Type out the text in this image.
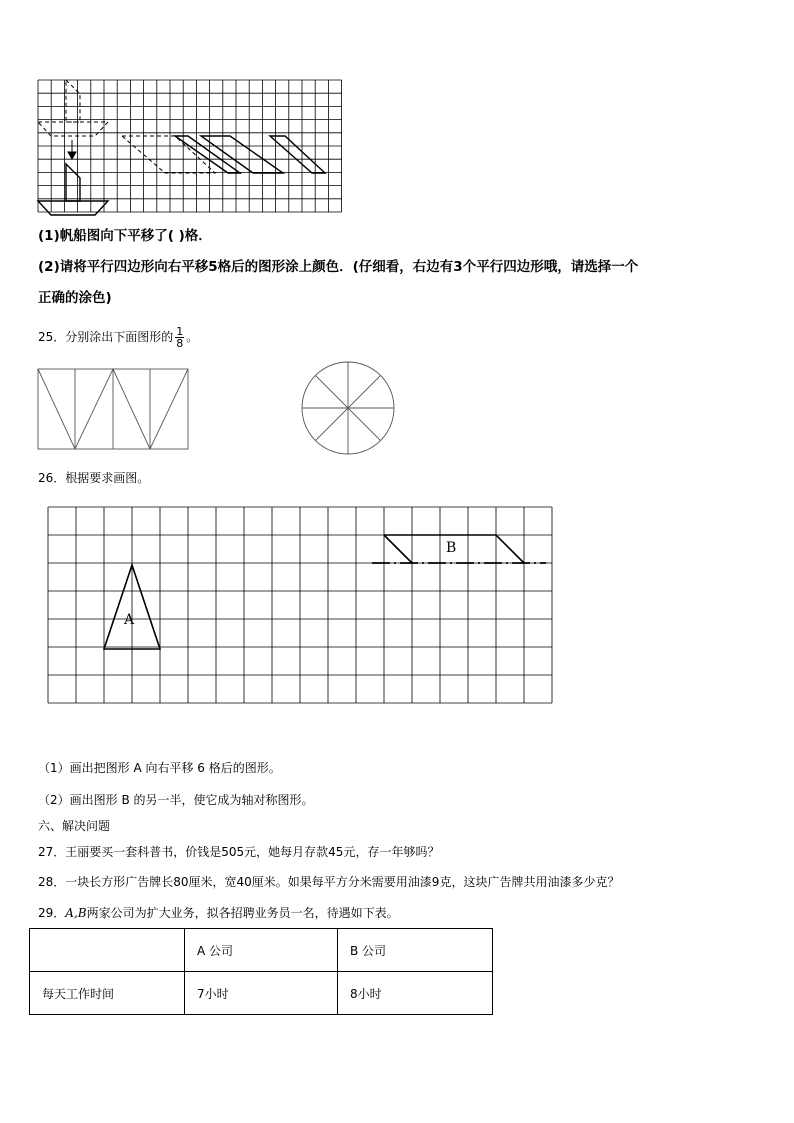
(1)帆船图向下平移了( )格．
(2)请将平行四边形向右平移5格后的图形涂上颜色．(仔细看，右边有3个平行四边形哦，请选择一个
正确的涂色)
25．分别涂出下面图形的 $\frac{1}{8}$ 。
26．根据要求画图。
A
B
（1）画出把图形 A 向右平移 6 格后的图形。
（2）画出图形 B 的另一半，使它成为轴对称图形。
六、解决问题
27．王丽要买一套科普书，价钱是505元，她每月存款45元，存一年够吗？
28．一块长方形广告牌长80厘米，宽40厘米。如果每平方分米需要用油漆9克，这块广告牌共用油漆多少克？
29．A,B两家公司为扩大业务，拟各招聘业务员一名，待遇如下表。
	A 公司	B 公司
每天工作时间	7小时	8小时
